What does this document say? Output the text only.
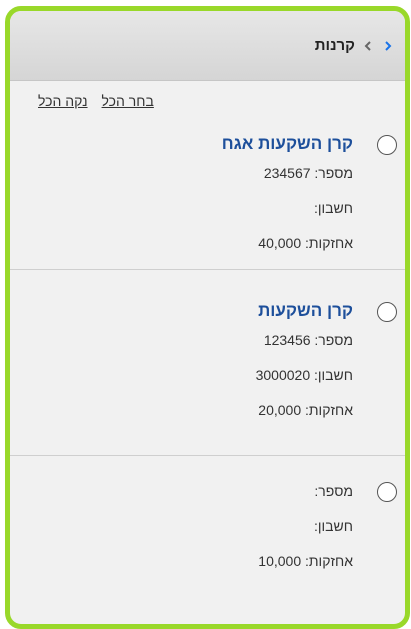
קרנות
נקה הכל בחר הכל
קרן השקעות אגח
מספר: 234567
חשבון:
אחזקות: 40,000
קרן השקעות
מספר: 123456
חשבון: 3000020
אחזקות: 20,000
מספר:
חשבון:
אחזקות: 10,000
